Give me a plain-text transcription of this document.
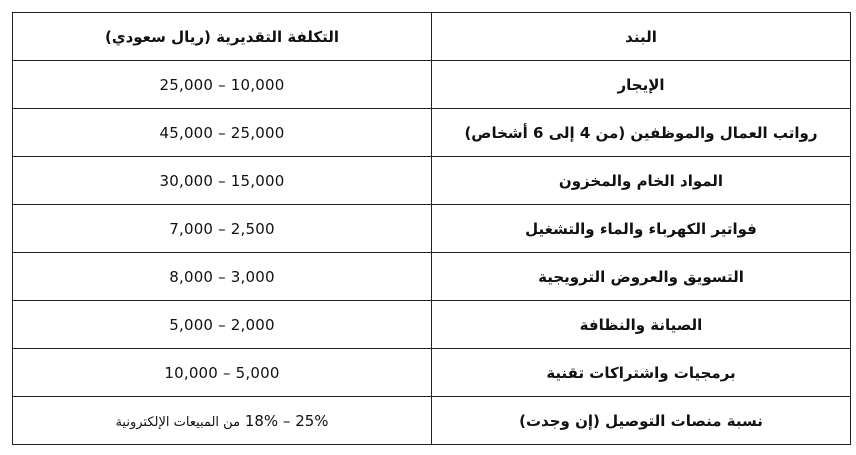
التكلفة التقديرية (ريال سعودي)	البند
25,000 – 10,000	الإيجار
45,000 – 25,000	رواتب العمال والموظفين (من 4 إلى 6 أشخاص)
30,000 – 15,000	المواد الخام والمخزون
7,000 – 2,500	فواتير الكهرباء والماء والتشغيل
8,000 – 3,000	التسويق والعروض الترويجية
5,000 – 2,000	الصيانة والنظافة
10,000 – 5,000	برمجيات واشتراكات تقنية
18% – 25% من المبيعات الإلكترونية	نسبة منصات التوصيل (إن وجدت)
